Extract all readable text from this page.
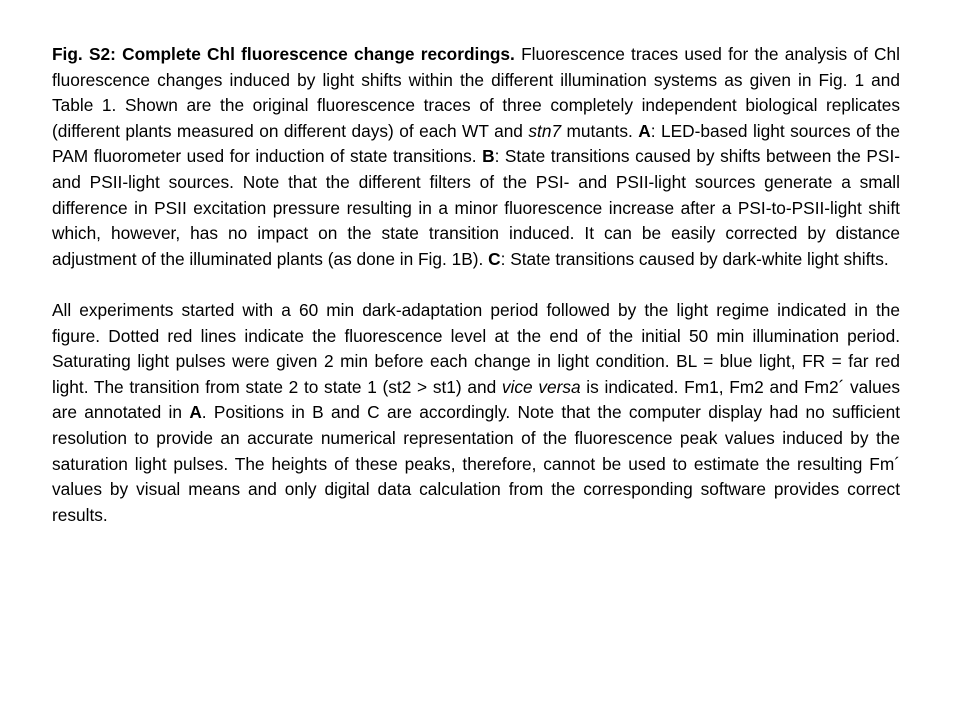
Fig. S2: Complete Chl fluorescence change recordings. Fluorescence traces used for the analysis of Chl fluorescence changes induced by light shifts within the different illumination systems as given in Fig. 1 and Table 1. Shown are the original fluorescence traces of three completely independent biological replicates (different plants measured on different days) of each WT and stn7 mutants. A: LED-based light sources of the PAM fluorometer used for induction of state transitions. B: State transitions caused by shifts between the PSI- and PSII-light sources. Note that the different filters of the PSI- and PSII-light sources generate a small difference in PSII excitation pressure resulting in a minor fluorescence increase after a PSI-to-PSII-light shift which, however, has no impact on the state transition induced. It can be easily corrected by distance adjustment of the illuminated plants (as done in Fig. 1B). C: State transitions caused by dark-white light shifts.

All experiments started with a 60 min dark-adaptation period followed by the light regime indicated in the figure. Dotted red lines indicate the fluorescence level at the end of the initial 50 min illumination period. Saturating light pulses were given 2 min before each change in light condition. BL = blue light, FR = far red light. The transition from state 2 to state 1 (st2 > st1) and vice versa is indicated. Fm1, Fm2 and Fm2´ values are annotated in A. Positions in B and C are accordingly. Note that the computer display had no sufficient resolution to provide an accurate numerical representation of the fluorescence peak values induced by the saturation light pulses. The heights of these peaks, therefore, cannot be used to estimate the resulting Fm´ values by visual means and only digital data calculation from the corresponding software provides correct results.
